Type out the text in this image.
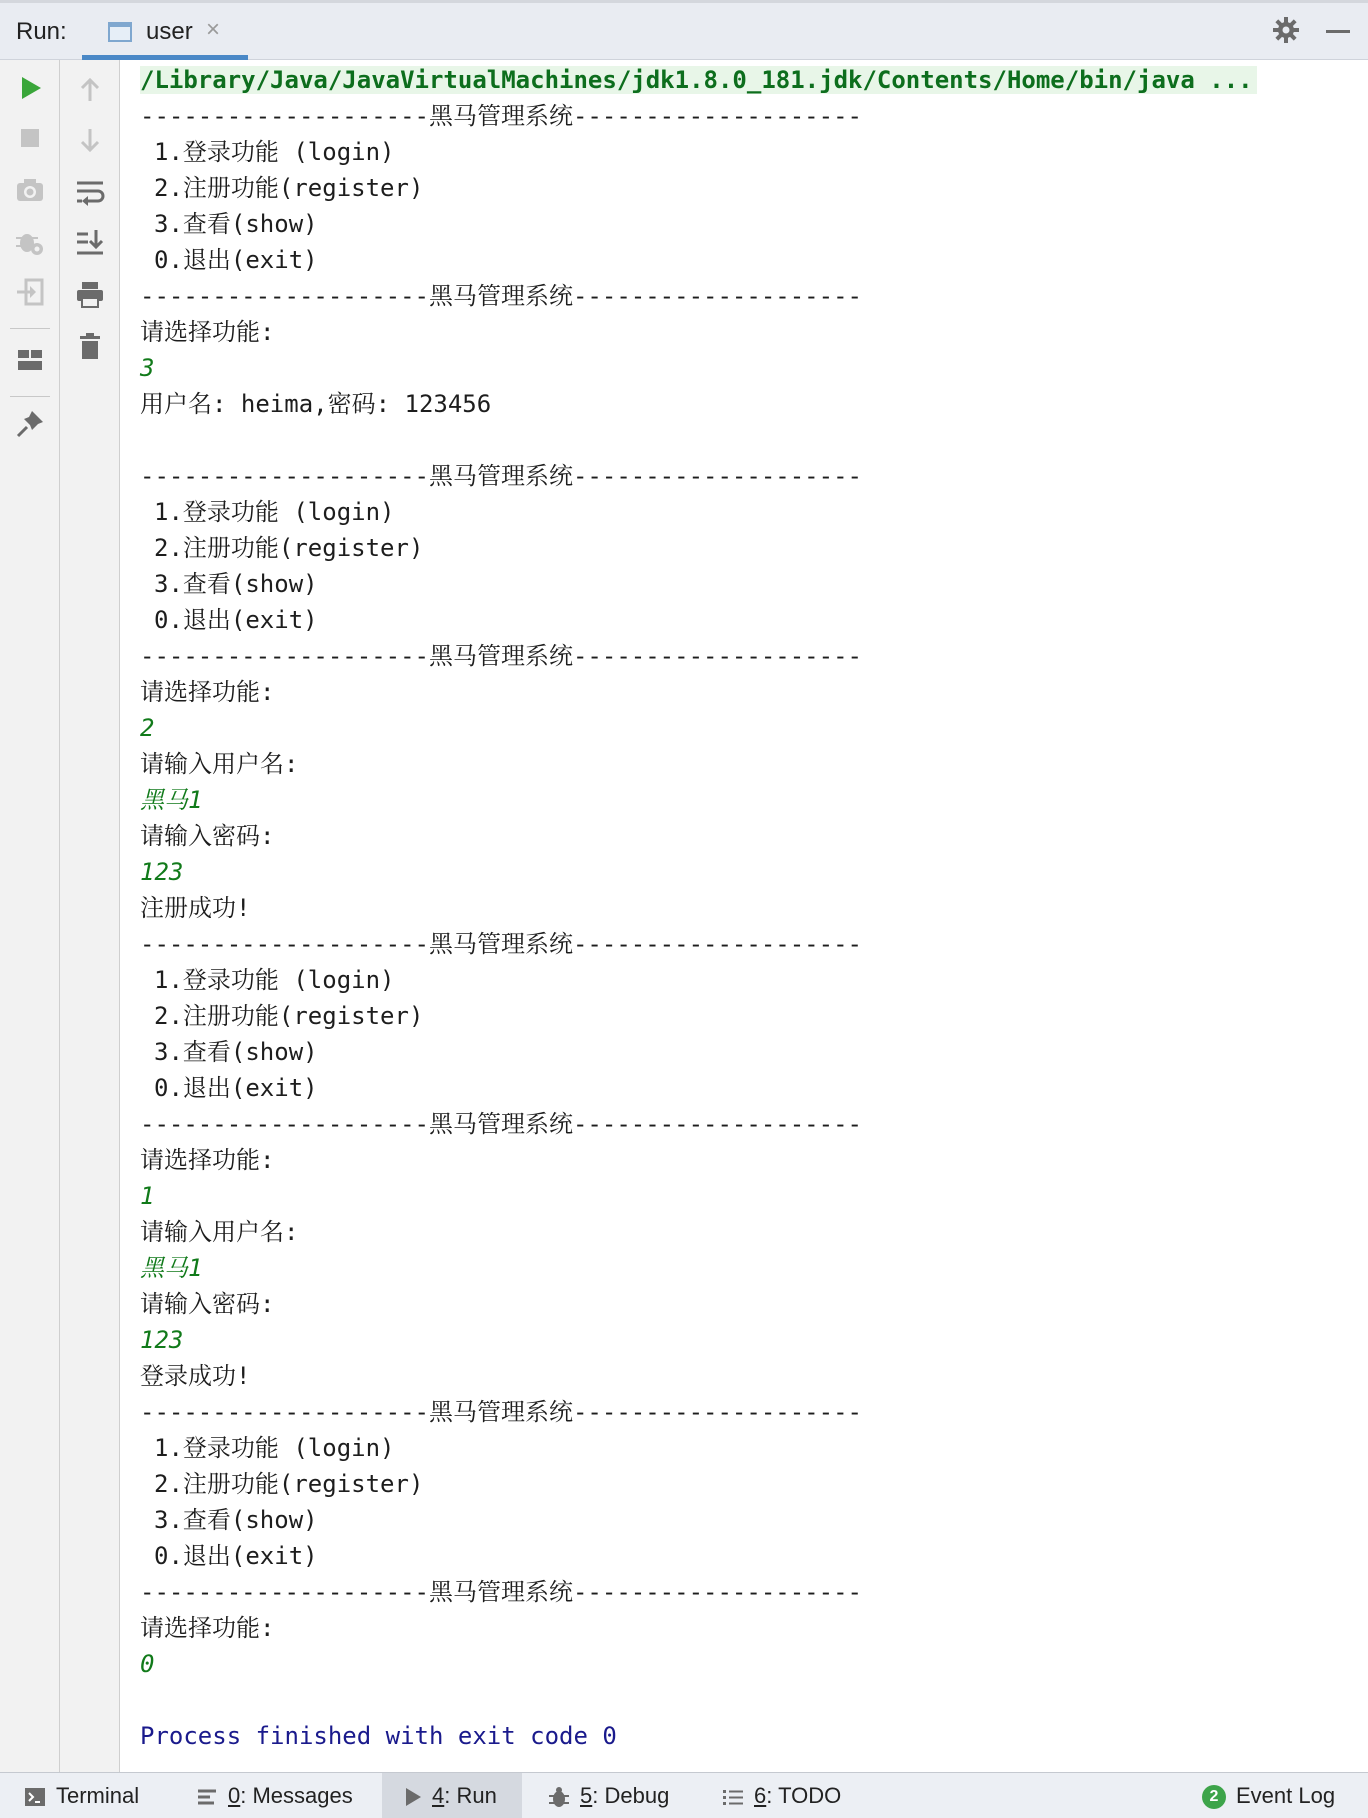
Run:	user ×
/Library/Java/JavaVirtualMachines/jdk1.8.0_181.jdk/Contents/Home/bin/java ...
--------------------黑马管理系统--------------------
1.登录功能 (login)
2.注册功能(register)
3.查看(show)
0.退出(exit)
--------------------黑马管理系统--------------------
请选择功能:
3
用户名: heima,密码: 123456
--------------------黑马管理系统--------------------
1.登录功能 (login)
2.注册功能(register)
3.查看(show)
0.退出(exit)
--------------------黑马管理系统--------------------
请选择功能:
2
请输入用户名:
黑马1
请输入密码:
123
注册成功!
--------------------黑马管理系统--------------------
1.登录功能 (login)
2.注册功能(register)
3.查看(show)
0.退出(exit)
--------------------黑马管理系统--------------------
请选择功能:
1
请输入用户名:
黑马1
请输入密码:
123
登录成功!
--------------------黑马管理系统--------------------
1.登录功能 (login)
2.注册功能(register)
3.查看(show)
0.退出(exit)
--------------------黑马管理系统--------------------
请选择功能:
0
Process finished with exit code 0
Terminal	0: Messages	4: Run	5: Debug	6: TODO	2 Event Log
